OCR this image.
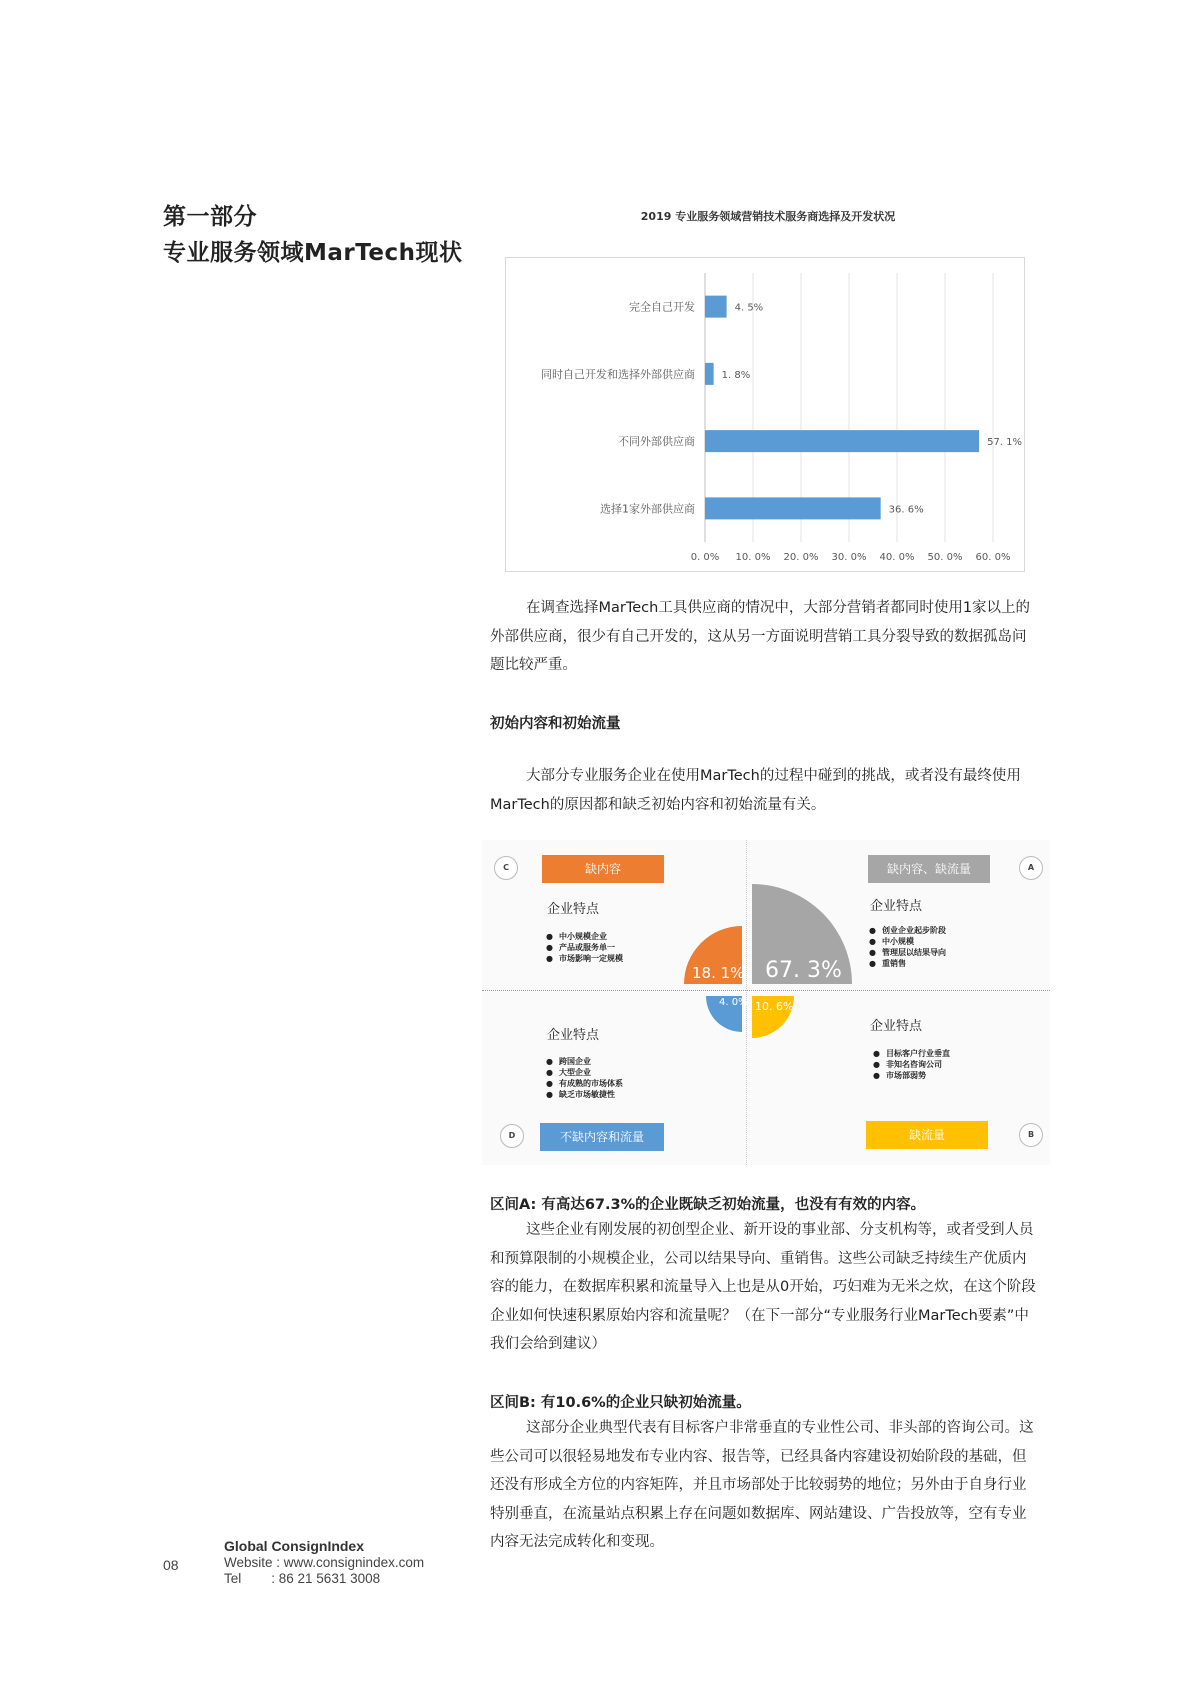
第一部分
专业服务领域MarTech现状
2019 专业服务领域营销技术服务商选择及开发状况
0. 0% 10. 0% 20. 0% 30. 0% 40. 0% 50. 0% 60. 0%
完全自己开发	4. 5%
同时自己开发和选择外部供应商	1. 8%
不同外部供应商	57. 1%
选择1家外部供应商	36. 6%
在调查选择MarTech工具供应商的情况中，大部分营销者都同时使用1家以上的外部供应商，很少有自己开发的，这从另一方面说明营销工具分裂导致的数据孤岛问题比较严重。
初始内容和初始流量
大部分专业服务企业在使用MarTech的过程中碰到的挑战，或者没有最终使用MarTech的原因都和缺乏初始内容和初始流量有关。
67. 3%
18. 1%
4. 0% 10. 6%
C	缺内容
企业特点
● 中小规模企业
● 产品或服务单一
● 市场影响一定规模
缺内容、缺流量	A
企业特点
● 创业企业起步阶段
● 中小规模
● 管理层以结果导向
● 重销售
企业特点
● 跨国企业
● 大型企业
● 有成熟的市场体系
● 缺乏市场敏捷性
D	不缺内容和流量
企业特点
● 目标客户行业垂直
● 非知名咨询公司
● 市场部弱势
缺流量	B
区间A: 有高达67.3%的企业既缺乏初始流量，也没有有效的内容。
这些企业有刚发展的初创型企业、新开设的事业部、分支机构等，或者受到人员和预算限制的小规模企业，公司以结果导向、重销售。这些公司缺乏持续生产优质内容的能力，在数据库积累和流量导入上也是从0开始，巧妇难为无米之炊，在这个阶段企业如何快速积累原始内容和流量呢？（在下一部分“专业服务行业MarTech要素”中我们会给到建议）
区间B: 有10.6%的企业只缺初始流量。
这部分企业典型代表有目标客户非常垂直的专业性公司、非头部的咨询公司。这些公司可以很轻易地发布专业内容、报告等，已经具备内容建设初始阶段的基础，但还没有形成全方位的内容矩阵，并且市场部处于比较弱势的地位；另外由于自身行业特别垂直，在流量站点积累上存在问题如数据库、网站建设、广告投放等，空有专业内容无法完成转化和变现。
08
Global ConsignIndex
Website : www.consignindex.com
Tel        : 86 21 5631 3008
